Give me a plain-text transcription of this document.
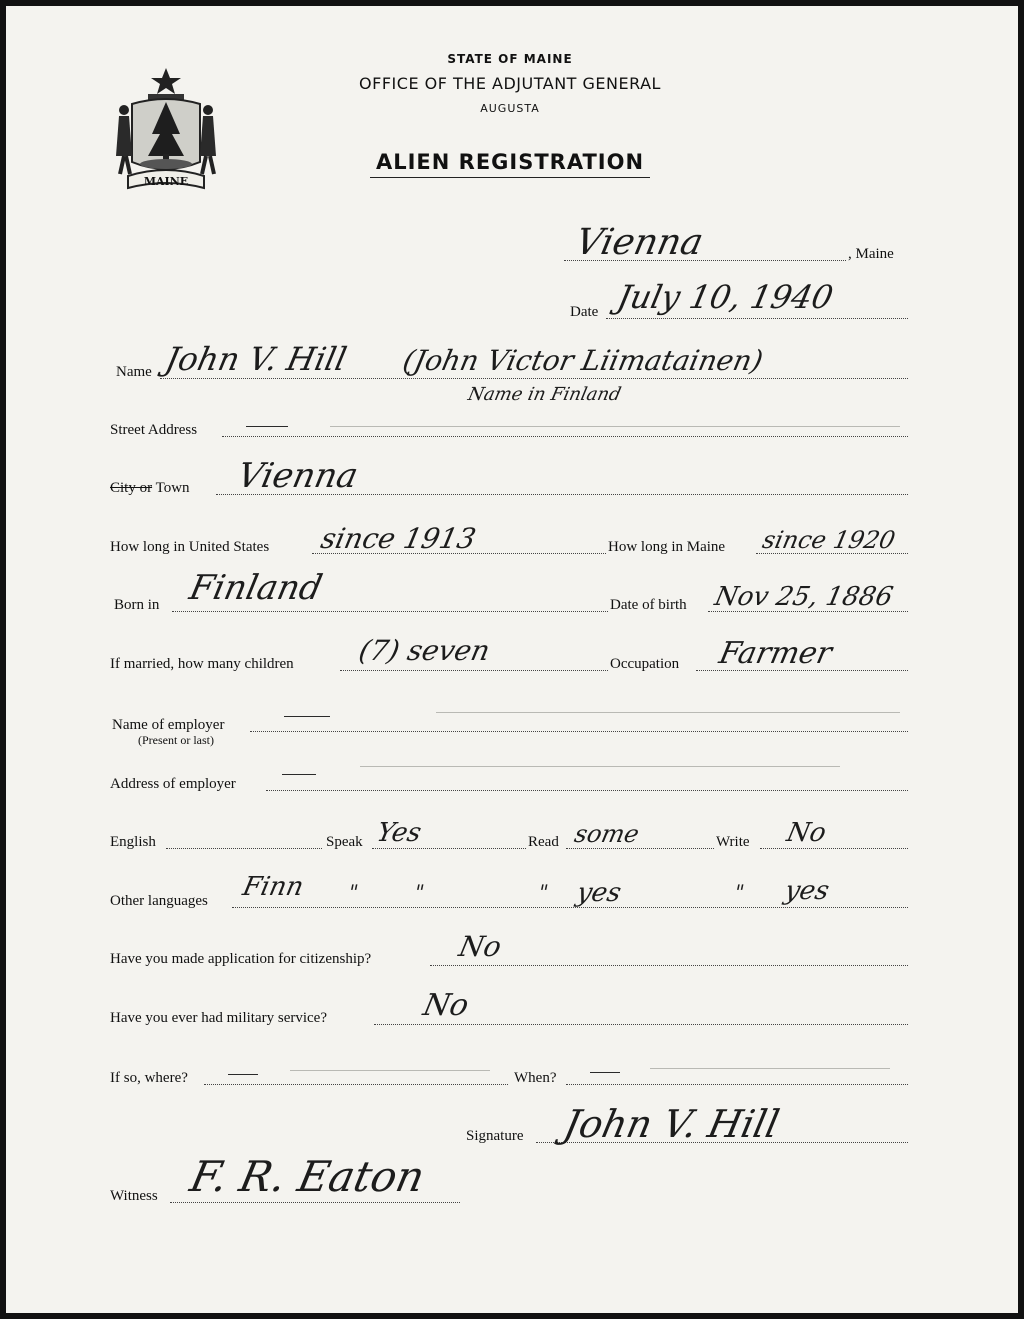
MAINE
STATE OF MAINE
OFFICE OF THE ADJUTANT GENERAL
AUGUSTA
ALIEN REGISTRATION
Vienna	, Maine
Date July 10, 1940
Name John V. Hill (John Victor Liimatainen)
Name in Finland
Street Address
City or Town Vienna
How long in United States since 1913	How long in Maine since 1920
Born in Finland	Date of birth Nov 25, 1886
If married, how many children (7) seven	Occupation Farmer
Name of employer
(Present or last)
Address of employer
English	Speak Yes	Read some	Write No
Other languages Finn "	"	" yes	" yes
Have you made application for citizenship?	No
Have you ever had military service?	No
If so, where?	When?
Signature John V. Hill
Witness F. R. Eaton
